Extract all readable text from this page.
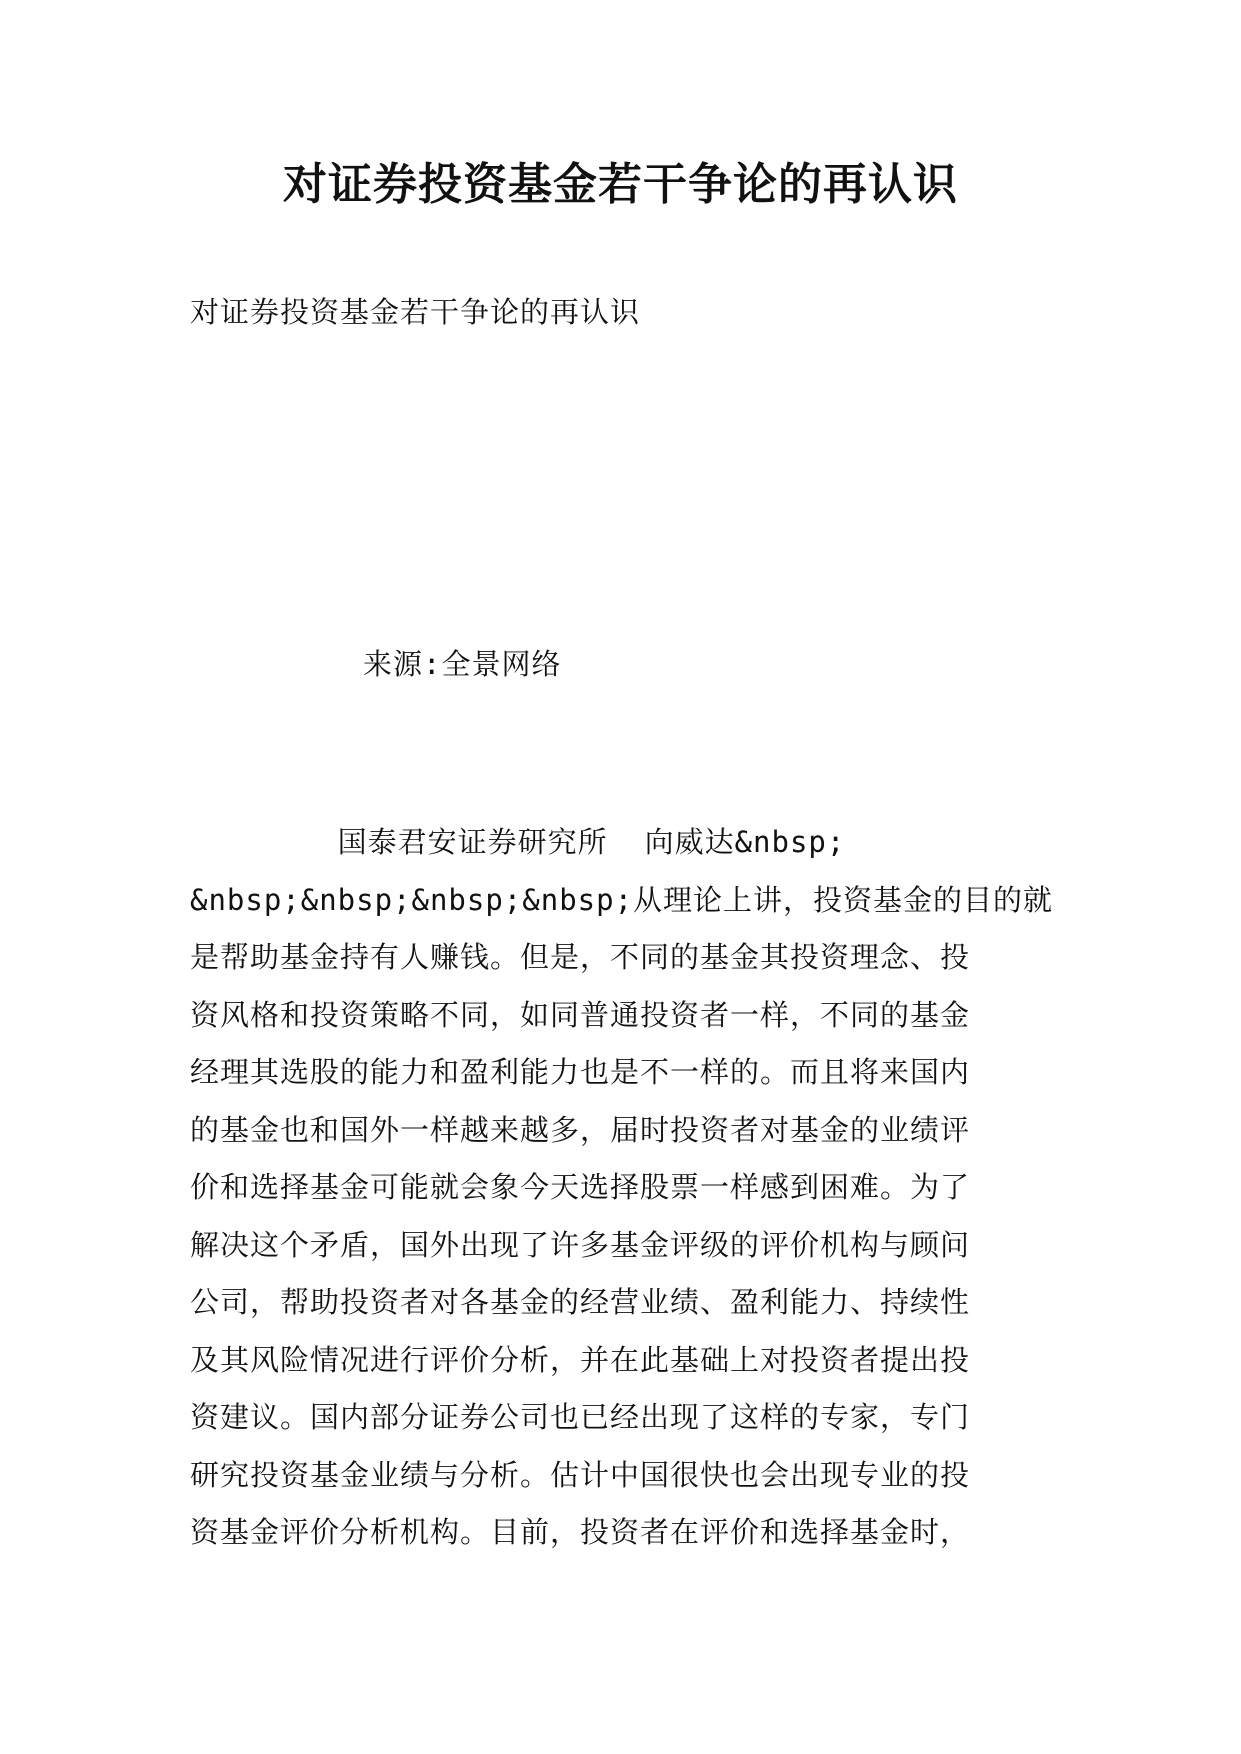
对证券投资基金若干争论的再认识
对证券投资基金若干争论的再认识
来源:全景网络
国泰君安证券研究所  向威达&nbsp;
&nbsp;&nbsp;&nbsp;&nbsp;从理论上讲，投资基金的目的就
是帮助基金持有人赚钱。但是，不同的基金其投资理念、投
资风格和投资策略不同，如同普通投资者一样，不同的基金
经理其选股的能力和盈利能力也是不一样的。而且将来国内
的基金也和国外一样越来越多，届时投资者对基金的业绩评
价和选择基金可能就会象今天选择股票一样感到困难。为了
解决这个矛盾，国外出现了许多基金评级的评价机构与顾问
公司，帮助投资者对各基金的经营业绩、盈利能力、持续性
及其风险情况进行评价分析，并在此基础上对投资者提出投
资建议。国内部分证券公司也已经出现了这样的专家，专门
研究投资基金业绩与分析。估计中国很快也会出现专业的投
资基金评价分析机构。目前，投资者在评价和选择基金时，
